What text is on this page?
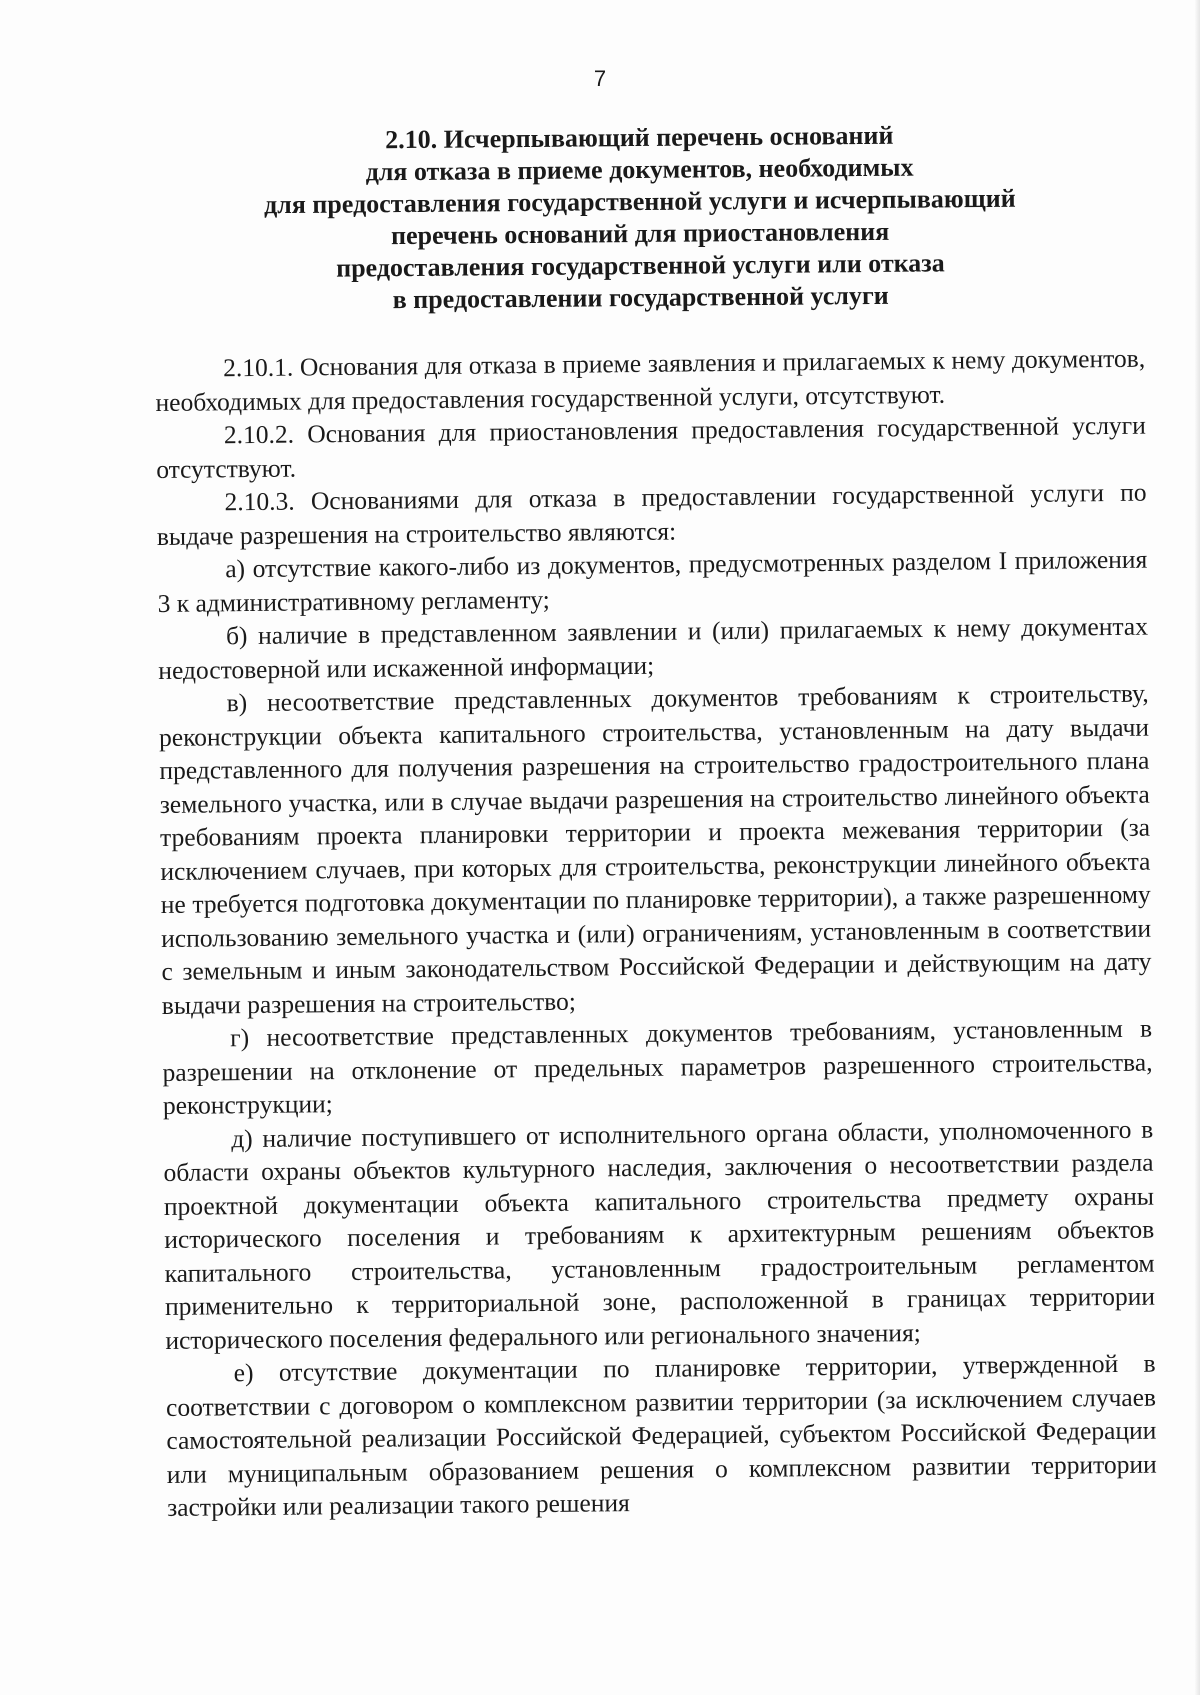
7
2.10. Исчерпывающий перечень оснований
для отказа в приеме документов, необходимых
для предоставления государственной услуги и исчерпывающий
перечень оснований для приостановления
предоставления государственной услуги или отказа
в предоставлении государственной услуги

2.10.1. Основания для отказа в приеме заявления и прилагаемых к нему документов, необходимых для предоставления государственной услуги, отсутствуют.

2.10.2. Основания для приостановления предоставления государственной услуги отсутствуют.

2.10.3. Основаниями для отказа в предоставлении государственной услуги по выдаче разрешения на строительство являются:

а) отсутствие какого-либо из документов, предусмотренных разделом I приложения 3 к административному регламенту;

б) наличие в представленном заявлении и (или) прилагаемых к нему документах недостоверной или искаженной информации;

в) несоответствие представленных документов требованиям к строительству, реконструкции объекта капитального строительства, установленным на дату выдачи представленного для получения разрешения на строительство градостроительного плана земельного участка, или в случае выдачи разрешения на строительство линейного объекта требованиям проекта планировки территории и проекта межевания территории (за исключением случаев, при которых для строительства, реконструкции линейного объекта не требуется подготовка документации по планировке территории), а также разрешенному использованию земельного участка и (или) ограничениям, установленным в соответствии с земельным и иным законодательством Российской Федерации и действующим на дату выдачи разрешения на строительство;

г) несоответствие представленных документов требованиям, установленным в разрешении на отклонение от предельных параметров разрешенного строительства, реконструкции;

д) наличие поступившего от исполнительного органа области, уполномоченного в области охраны объектов культурного наследия, заключения о несоответствии раздела проектной документации объекта капитального строительства предмету охраны исторического поселения и требованиям к архитектурным решениям объектов капитального строительства, установленным градостроительным регламентом применительно к территориальной зоне, расположенной в границах территории исторического поселения федерального или регионального значения;

е) отсутствие документации по планировке территории, утвержденной в соответствии с договором о комплексном развитии территории (за исключением случаев самостоятельной реализации Российской Федерацией, субъектом Российской Федерации или муниципальным образованием решения о комплексном развитии территории застройки или реализации такого решения
